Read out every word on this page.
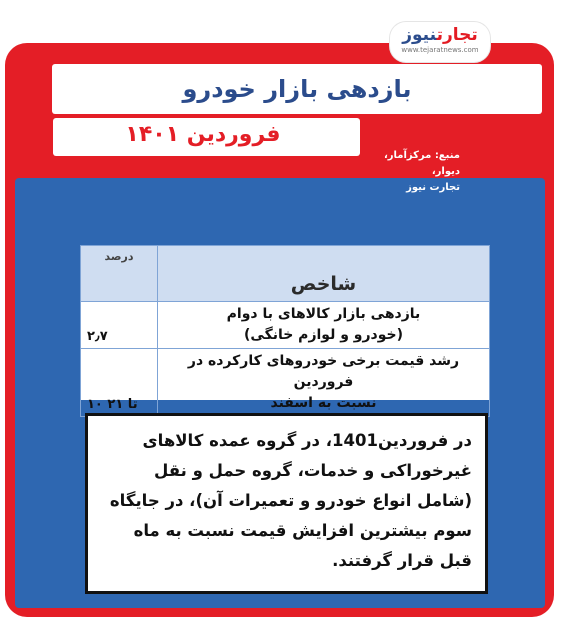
تجارتنیوز
www.tejaratnews.com
بازدهی بازار خودرو
فروردین ۱۴۰۱
منبع: مرکزآمار، دیوار،
تجارت نیوز
شاخص	درصد

بازدهی بازار کالاهای با دوام
(خودرو و لوازم خانگی)	۲٫۷

رشد قیمت برخی خودروهای کارکرده در فروردین
نسبت به اسفند	۱۰ تا ۲۱
در فروردین1401، در گروه عمده کالاهای غیرخوراکی و خدمات، گروه حمل و نقل (شامل انواع خودرو و تعمیرات آن)، در جایگاه سوم بیشترین افزایش قیمت نسبت به ماه قبل قرار گرفتند.
